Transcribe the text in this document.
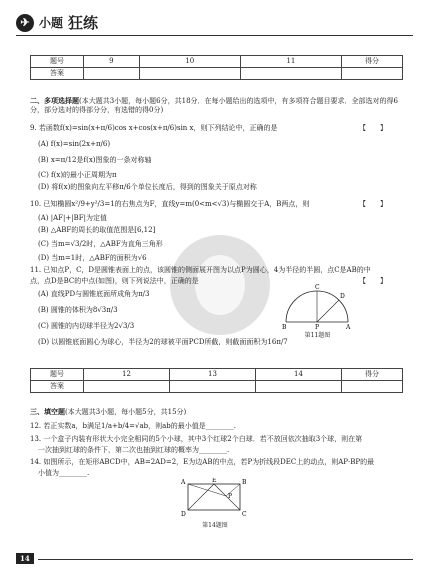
✈ 小题 狂练
题号	9	10	11	得分
答案				
二、多项选择题(本大题共3小题，每小题6分，共18分．在每小题给出的选项中，有多项符合题目要求．全部选对的得6分，部分选对的得部分分，有选错的得0分)
9. 若函数f(x)=sin(x+π/6)cos x+cos(x+π/6)sin x，则下列结论中，正确的是	【　　】
(A) f(x)=sin(2x+π/6)
(B) x=π/12是f(x)图象的一条对称轴
(C) f(x)的最小正周期为π
(D) 将f(x)的图象向左平移π/6个单位长度后，得到的图象关于原点对称
10. 已知椭圆x²/9+y²/3=1的右焦点为F，直线y=m(0<m<√3)与椭圆交于A，B两点，则	【　　】
(A) |AF|+|BF|为定值
(B) △ABF的周长的取值范围是[6,12]
(C) 当m=√3/2时，△ABF为直角三角形
(D) 当m=1时，△ABF的面积为√6
11. 已知点P，C，D是圆锥表面上的点，该圆锥的侧面展开图为以点P为圆心，4为半径的半圆，点C是AB的中
点，点D是BC的中点(如图)，则下列说法中，正确的是	【　　】
(A) 直线PD与圆锥底面所成角为π/3
(B) 圆锥的体积为8√3π/3
(C) 圆锥的内切球半径为2√3/3
(D) 以圆锥底面圆心为球心，半径为2的球被平面PCD所截，则截面面积为16π/7
B	P	A
C
D
第11题图
题号	12	13	14	得分
答案				
三、填空题(本大题共3小题，每小题5分，共15分)
12. 若正实数a，b满足1/a+b/4=√ab，则ab的最小值是________.
13. 一个盒子内装有形状大小完全相同的5个小球，其中3个红球2个白球．若不放回依次抽取3个球，则在第
一次抽到红球的条件下，第二次也抽到红球的概率为________.
14. 如图所示，在矩形ABCD中，AB=2AD=2，E为边AB的中点，若P为折线段DEC上的动点，则AP·BP的最
小值为________.
A	B
C
D
E
P
第14题图
14
